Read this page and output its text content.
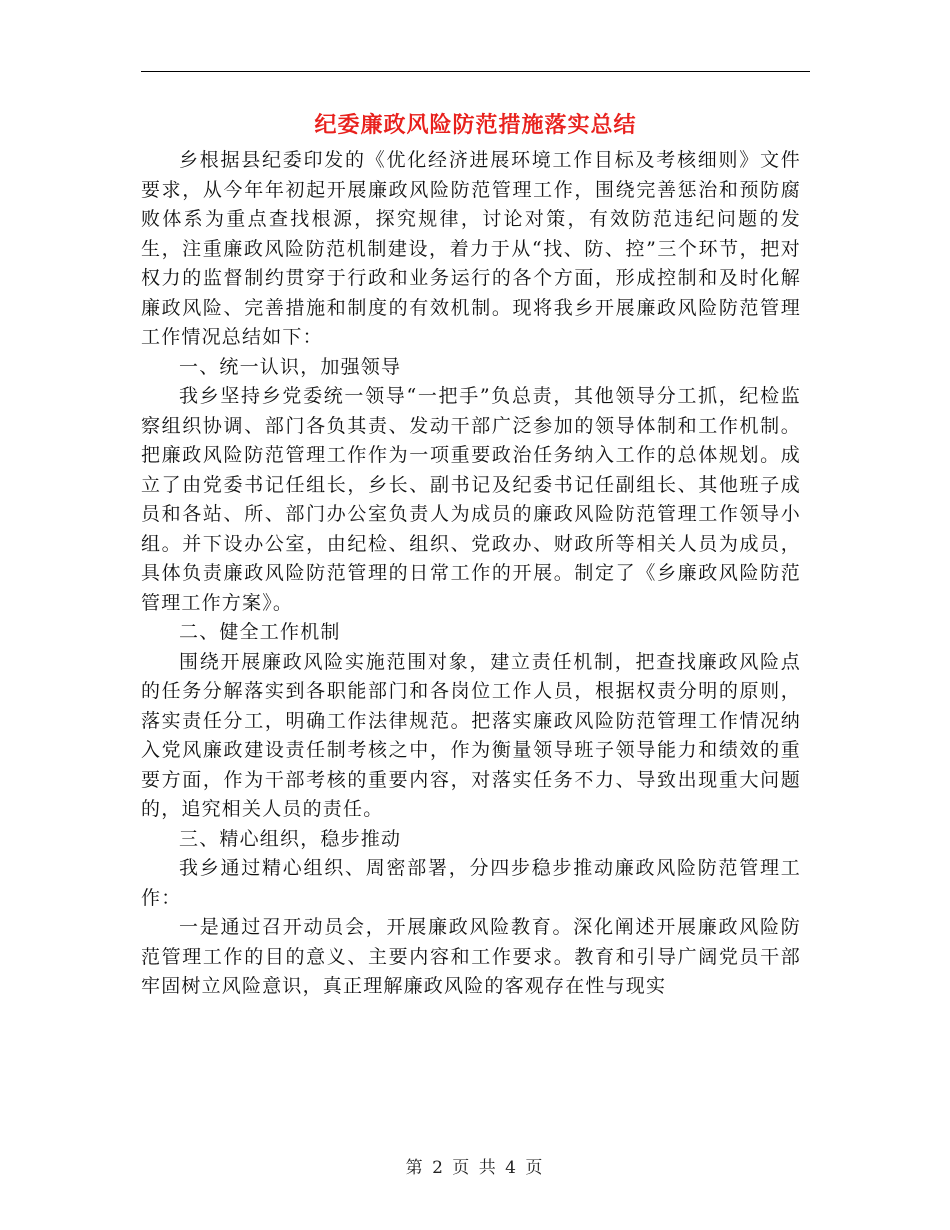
纪委廉政风险防范措施落实总结

乡根据县纪委印发的《优化经济进展环境工作目标及考核细则》文件要求，从今年年初起开展廉政风险防范管理工作，围绕完善惩治和预防腐败体系为重点查找根源，探究规律，讨论对策，有效防范违纪问题的发生，注重廉政风险防范机制建设，着力于从“找、防、控”三个环节，把对权力的监督制约贯穿于行政和业务运行的各个方面，形成控制和及时化解廉政风险、完善措施和制度的有效机制。现将我乡开展廉政风险防范管理工作情况总结如下：

一、统一认识，加强领导

我乡坚持乡党委统一领导“一把手”负总责，其他领导分工抓，纪检监察组织协调、部门各负其责、发动干部广泛参加的领导体制和工作机制。把廉政风险防范管理工作作为一项重要政治任务纳入工作的总体规划。成立了由党委书记任组长，乡长、副书记及纪委书记任副组长、其他班子成员和各站、所、部门办公室负责人为成员的廉政风险防范管理工作领导小组。并下设办公室，由纪检、组织、党政办、财政所等相关人员为成员，具体负责廉政风险防范管理的日常工作的开展。制定了《乡廉政风险防范管理工作方案》。

二、健全工作机制

围绕开展廉政风险实施范围对象，建立责任机制，把查找廉政风险点的任务分解落实到各职能部门和各岗位工作人员，根据权责分明的原则，落实责任分工，明确工作法律规范。把落实廉政风险防范管理工作情况纳入党风廉政建设责任制考核之中，作为衡量领导班子领导能力和绩效的重要方面，作为干部考核的重要内容，对落实任务不力、导致出现重大问题的，追究相关人员的责任。

三、精心组织，稳步推动

我乡通过精心组织、周密部署，分四步稳步推动廉政风险防范管理工作：

一是通过召开动员会，开展廉政风险教育。深化阐述开展廉政风险防范管理工作的目的意义、主要内容和工作要求。教育和引导广阔党员干部牢固树立风险意识，真正理解廉政风险的客观存在性与现实

第 2 页 共 4 页
